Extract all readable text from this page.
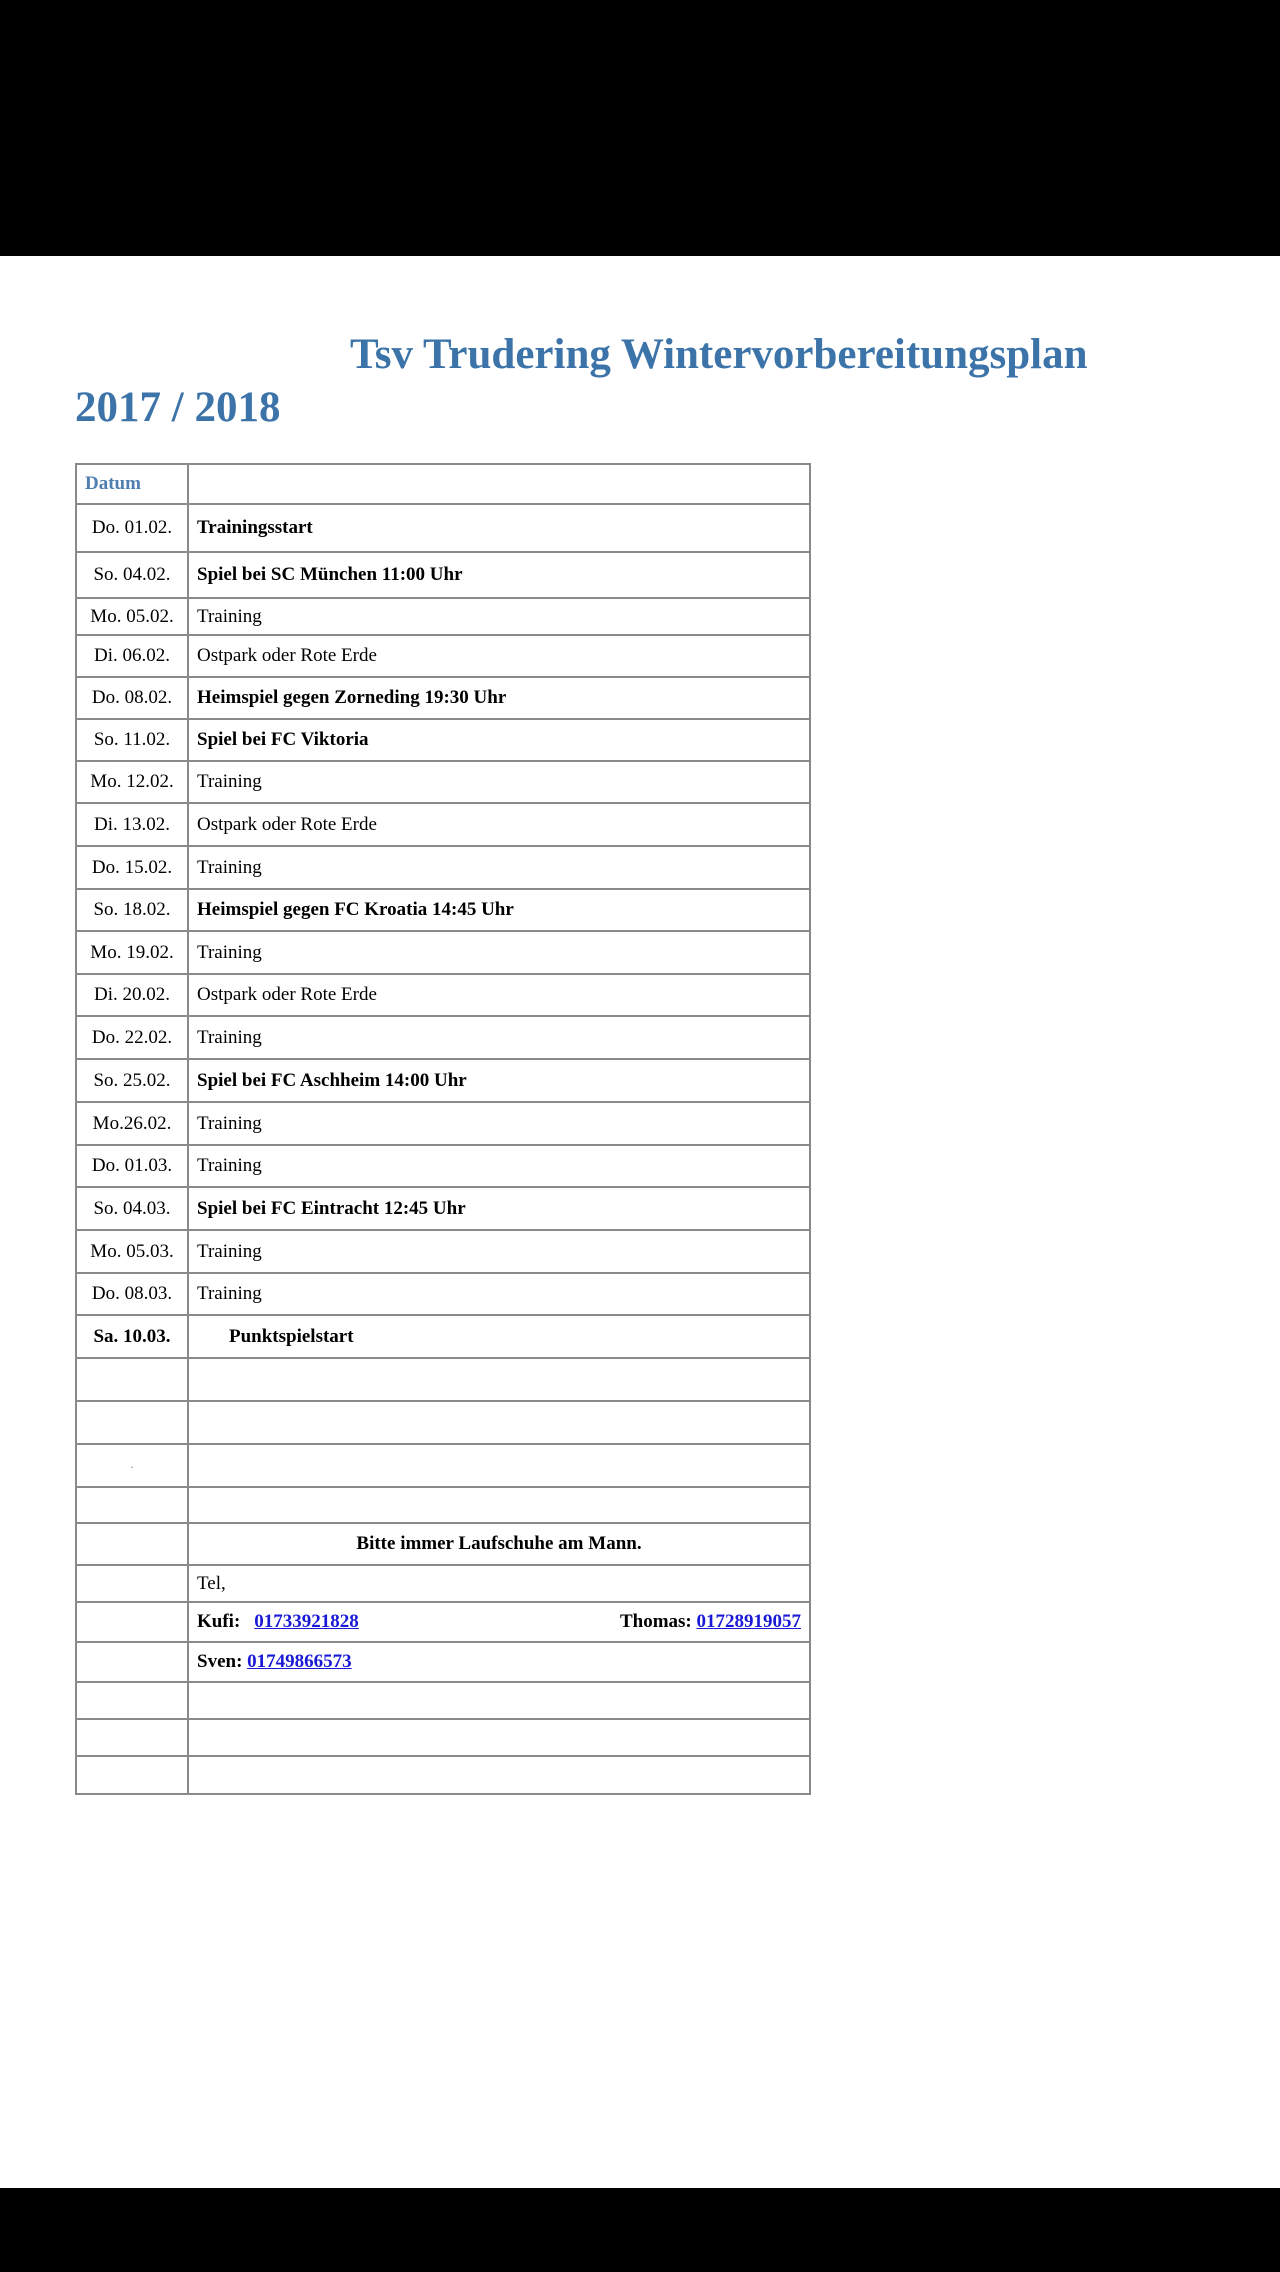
Tsv Trudering Wintervorbereitungsplan
2017 / 2018
Datum	
Do. 01.02.	Trainingsstart
So. 04.02.	Spiel bei SC München 11:00 Uhr
Mo. 05.02.	Training
Di. 06.02.	Ostpark oder Rote Erde
Do. 08.02.	Heimspiel gegen Zorneding 19:30 Uhr
So. 11.02.	Spiel bei FC Viktoria
Mo. 12.02.	Training
Di. 13.02.	Ostpark oder Rote Erde
Do. 15.02.	Training
So. 18.02.	Heimspiel gegen FC Kroatia 14:45 Uhr
Mo. 19.02.	Training
Di. 20.02.	Ostpark oder Rote Erde
Do. 22.02.	Training
So. 25.02.	Spiel bei FC Aschheim 14:00 Uhr
Mo.26.02.	Training
Do. 01.03.	Training
So. 04.03.	Spiel bei FC Eintracht 12:45 Uhr
Mo. 05.03.	Training
Do. 08.03.	Training
Sa. 10.03.	Punktspielstart

·	

	Bitte immer Laufschuhe am Mann.
	Tel,

	Kufi: 01733921828 Thomas: 01728919057

	Sven: 01749866573
